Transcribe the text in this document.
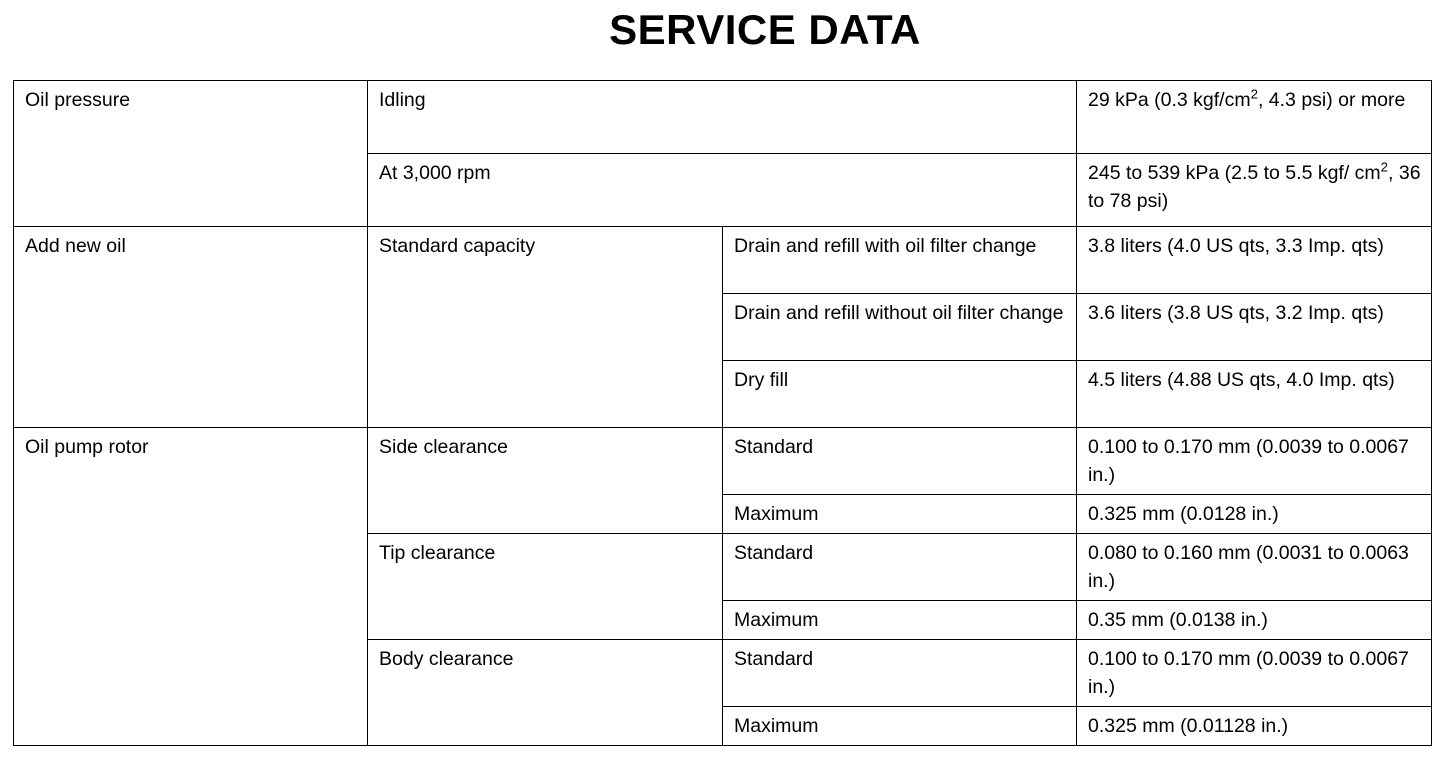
SERVICE DATA
Oil pressure	Idling		29 kPa (0.3 kgf/$cm^2$, 4.3 psi) or more
	At 3,000 rpm		245 to 539 kPa (2.5 to 5.5 kgf/ $cm^2$, 36 to 78 psi)
Add new oil	Standard capacity	Drain and refill with oil filter change	3.8 liters (4.0 US qts, 3.3 Imp. qts)
		Drain and refill without oil filter change	3.6 liters (3.8 US qts, 3.2 Imp. qts)
		Dry fill	4.5 liters (4.88 US qts, 4.0 Imp. qts)
Oil pump rotor	Side clearance	Standard	0.100 to 0.170 mm (0.0039 to 0.0067 in.)
		Maximum	0.325 mm (0.0128 in.)
	Tip clearance	Standard	0.080 to 0.160 mm (0.0031 to 0.0063 in.)
		Maximum	0.35 mm (0.0138 in.)
	Body clearance	Standard	0.100 to 0.170 mm (0.0039 to 0.0067 in.)
		Maximum	0.325 mm (0.01128 in.)
